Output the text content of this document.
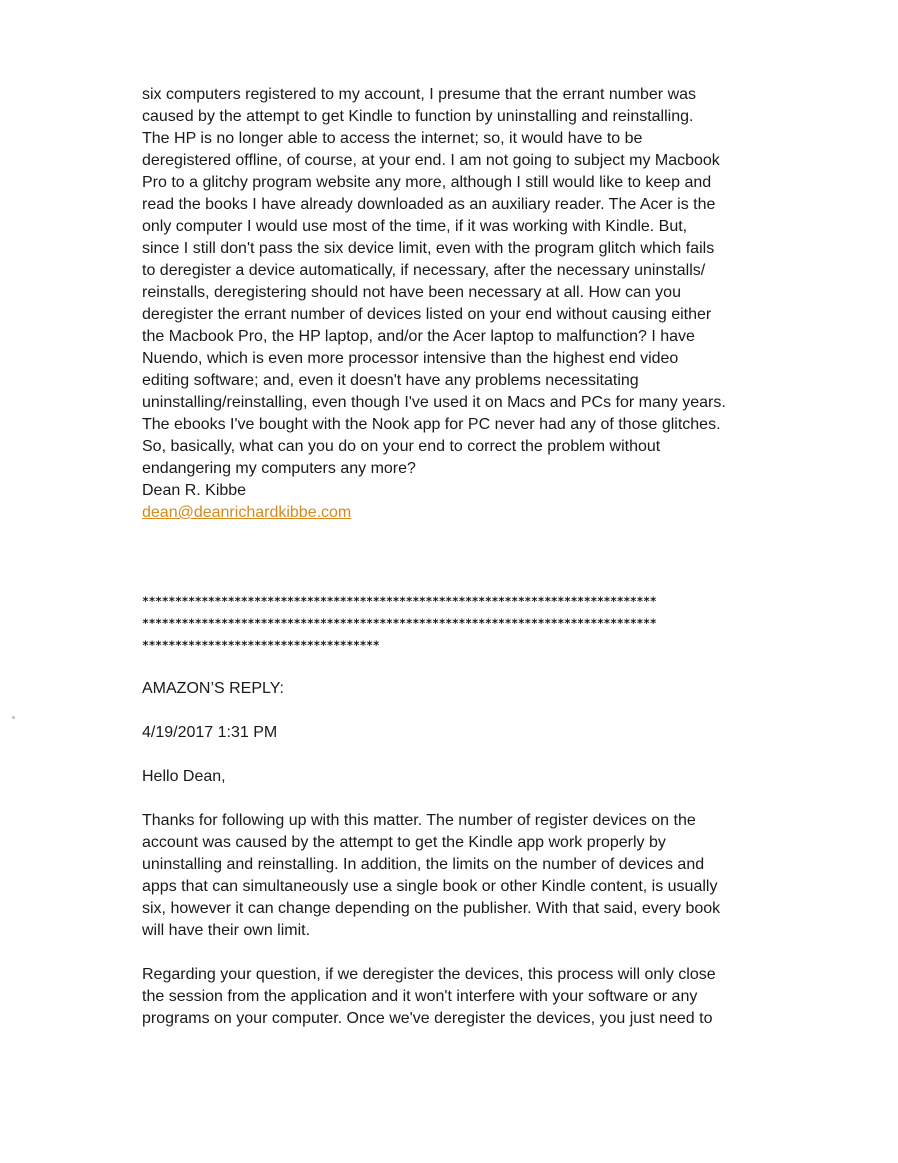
six computers registered to my account, I presume that the errant number was
caused by the attempt to get Kindle to function by uninstalling and reinstalling.
The HP is no longer able to access the internet; so, it would have to be
deregistered offline, of course, at your end. I am not going to subject my Macbook
Pro to a glitchy program website any more, although I still would like to keep and
read the books I have already downloaded as an auxiliary reader. The Acer is the
only computer I would use most of the time, if it was working with Kindle. But,
since I still don't pass the six device limit, even with the program glitch which fails
to deregister a device automatically, if necessary, after the necessary uninstalls/
reinstalls, deregistering should not have been necessary at all. How can you
deregister the errant number of devices listed on your end without causing either
the Macbook Pro, the HP laptop, and/or the Acer laptop to malfunction? I have
Nuendo, which is even more processor intensive than the highest end video
editing software; and, even it doesn't have any problems necessitating
uninstalling/reinstalling, even though I've used it on Macs and PCs for many years.
The ebooks I've bought with the Nook app for PC never had any of those glitches.
So, basically, what can you do on your end to correct the problem without
endangering my computers any more?

Dean R. Kibbe
dean@deanrichardkibbe.com
******************************************************************************
******************************************************************************
************************************

AMAZON’S REPLY:

4/19/2017 1:31 PM

Hello Dean,

Thanks for following up with this matter. The number of register devices on the
account was caused by the attempt to get the Kindle app work properly by
uninstalling and reinstalling. In addition, the limits on the number of devices and
apps that can simultaneously use a single book or other Kindle content, is usually
six, however it can change depending on the publisher. With that said, every book
will have their own limit.

Regarding your question, if we deregister the devices, this process will only close
the session from the application and it won't interfere with your software or any
programs on your computer. Once we've deregister the devices, you just need to
